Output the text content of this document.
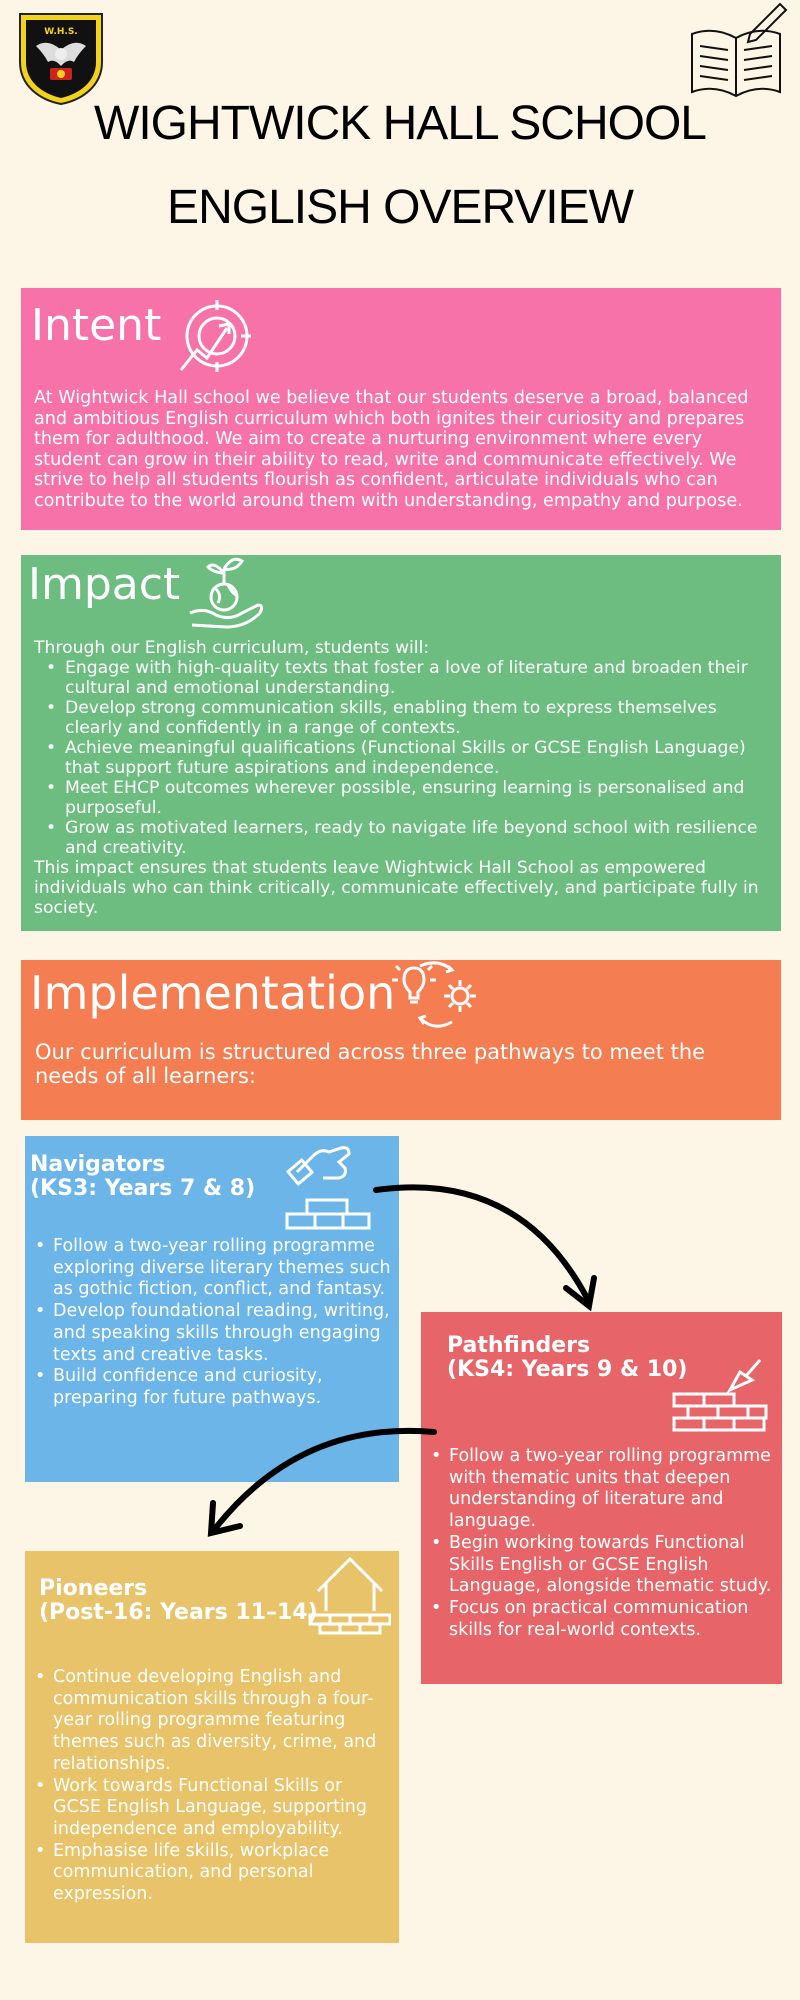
W.H.S.
WIGHTWICK HALL SCHOOL
ENGLISH OVERVIEW
Intent

At Wightwick Hall school we believe that our students deserve a broad, balanced and ambitious English curriculum which both ignites their curiosity and prepares them for adulthood. We aim to create a nurturing environment where every student can grow in their ability to read, write and communicate effectively. We strive to help all students flourish as confident, articulate individuals who can contribute to the world around them with understanding, empathy and purpose.

Impact

Through our English curriculum, students will:

• Engage with high-quality texts that foster a love of literature and broaden their cultural and emotional understanding.
• Develop strong communication skills, enabling them to express themselves clearly and confidently in a range of contexts.
• Achieve meaningful qualifications (Functional Skills or GCSE English Language) that support future aspirations and independence.
• Meet EHCP outcomes wherever possible, ensuring learning is personalised and purposeful.
• Grow as motivated learners, ready to navigate life beyond school with resilience and creativity.

This impact ensures that students leave Wightwick Hall School as empowered individuals who can think critically, communicate effectively, and participate fully in society.

Implementation

Our curriculum is structured across three pathways to meet the needs of all learners:

Navigators
(KS3: Years 7 & 8)
• Follow a two-year rolling programme exploring diverse literary themes such as gothic fiction, conflict, and fantasy.
• Develop foundational reading, writing, and speaking skills through engaging texts and creative tasks.
• Build confidence and curiosity, preparing for future pathways.
Pathfinders
(KS4: Years 9 & 10)
• Follow a two-year rolling programme with thematic units that deepen understanding of literature and language.
• Begin working towards Functional Skills English or GCSE English Language, alongside thematic study.
• Focus on practical communication skills for real-world contexts.
Pioneers
(Post-16: Years 11–14)
• Continue developing English and communication skills through a four-year rolling programme featuring themes such as diversity, crime, and relationships.
• Work towards Functional Skills or GCSE English Language, supporting independence and employability.
• Emphasise life skills, workplace communication, and personal expression.
